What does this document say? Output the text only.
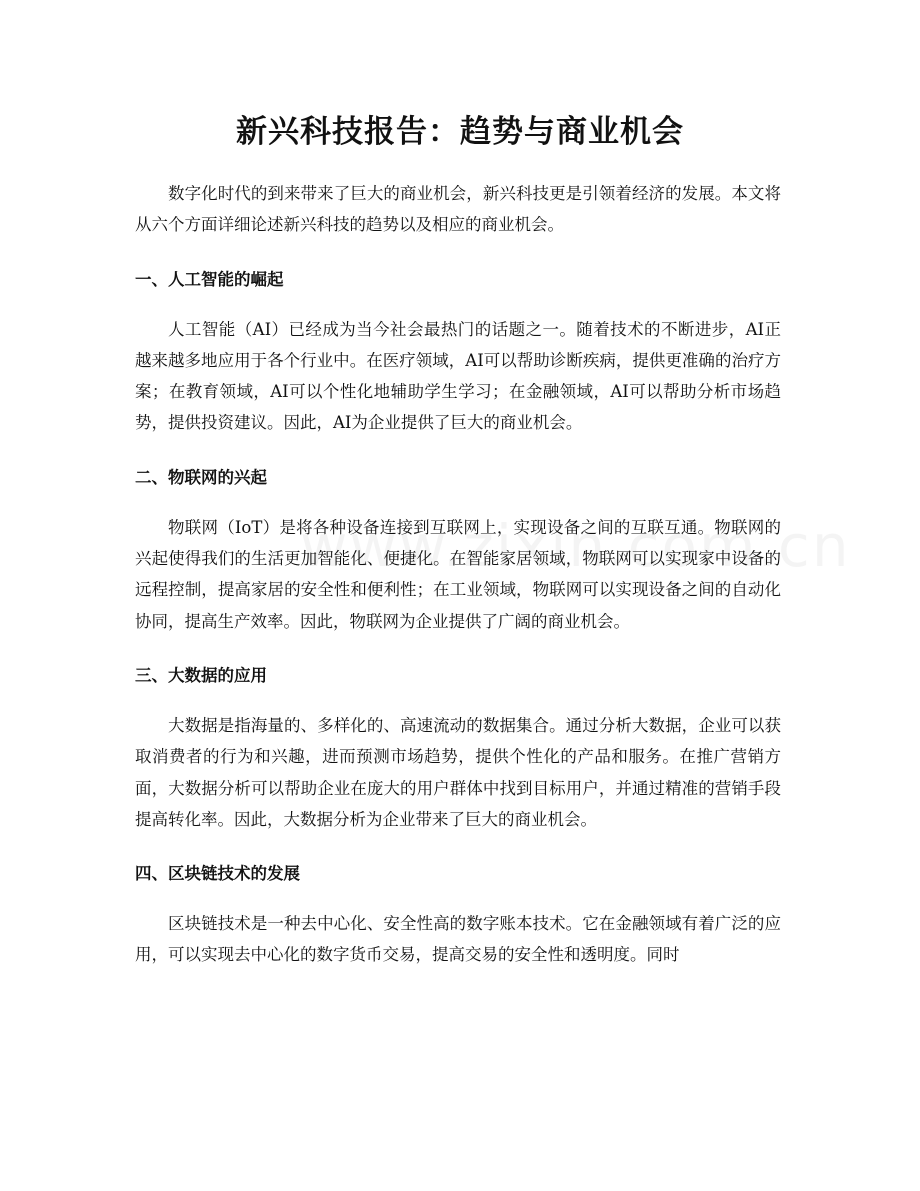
新兴科技报告：趋势与商业机会

数字化时代的到来带来了巨大的商业机会，新兴科技更是引领着经济的发展。本文将从六个方面详细论述新兴科技的趋势以及相应的商业机会。

一、人工智能的崛起

人工智能（AI）已经成为当今社会最热门的话题之一。随着技术的不断进步，AI正越来越多地应用于各个行业中。在医疗领域，AI可以帮助诊断疾病，提供更准确的治疗方案；在教育领域，AI可以个性化地辅助学生学习；在金融领域，AI可以帮助分析市场趋势，提供投资建议。因此，AI为企业提供了巨大的商业机会。

二、物联网的兴起

物联网（IoT）是将各种设备连接到互联网上，实现设备之间的互联互通。物联网的兴起使得我们的生活更加智能化、便捷化。在智能家居领域，物联网可以实现家中设备的远程控制，提高家居的安全性和便利性；在工业领域，物联网可以实现设备之间的自动化协同，提高生产效率。因此，物联网为企业提供了广阔的商业机会。

三、大数据的应用

大数据是指海量的、多样化的、高速流动的数据集合。通过分析大数据，企业可以获取消费者的行为和兴趣，进而预测市场趋势，提供个性化的产品和服务。在推广营销方面，大数据分析可以帮助企业在庞大的用户群体中找到目标用户，并通过精准的营销手段提高转化率。因此，大数据分析为企业带来了巨大的商业机会。

四、区块链技术的发展

区块链技术是一种去中心化、安全性高的数字账本技术。它在金融领域有着广泛的应用，可以实现去中心化的数字货币交易，提高交易的安全性和透明度。同时
